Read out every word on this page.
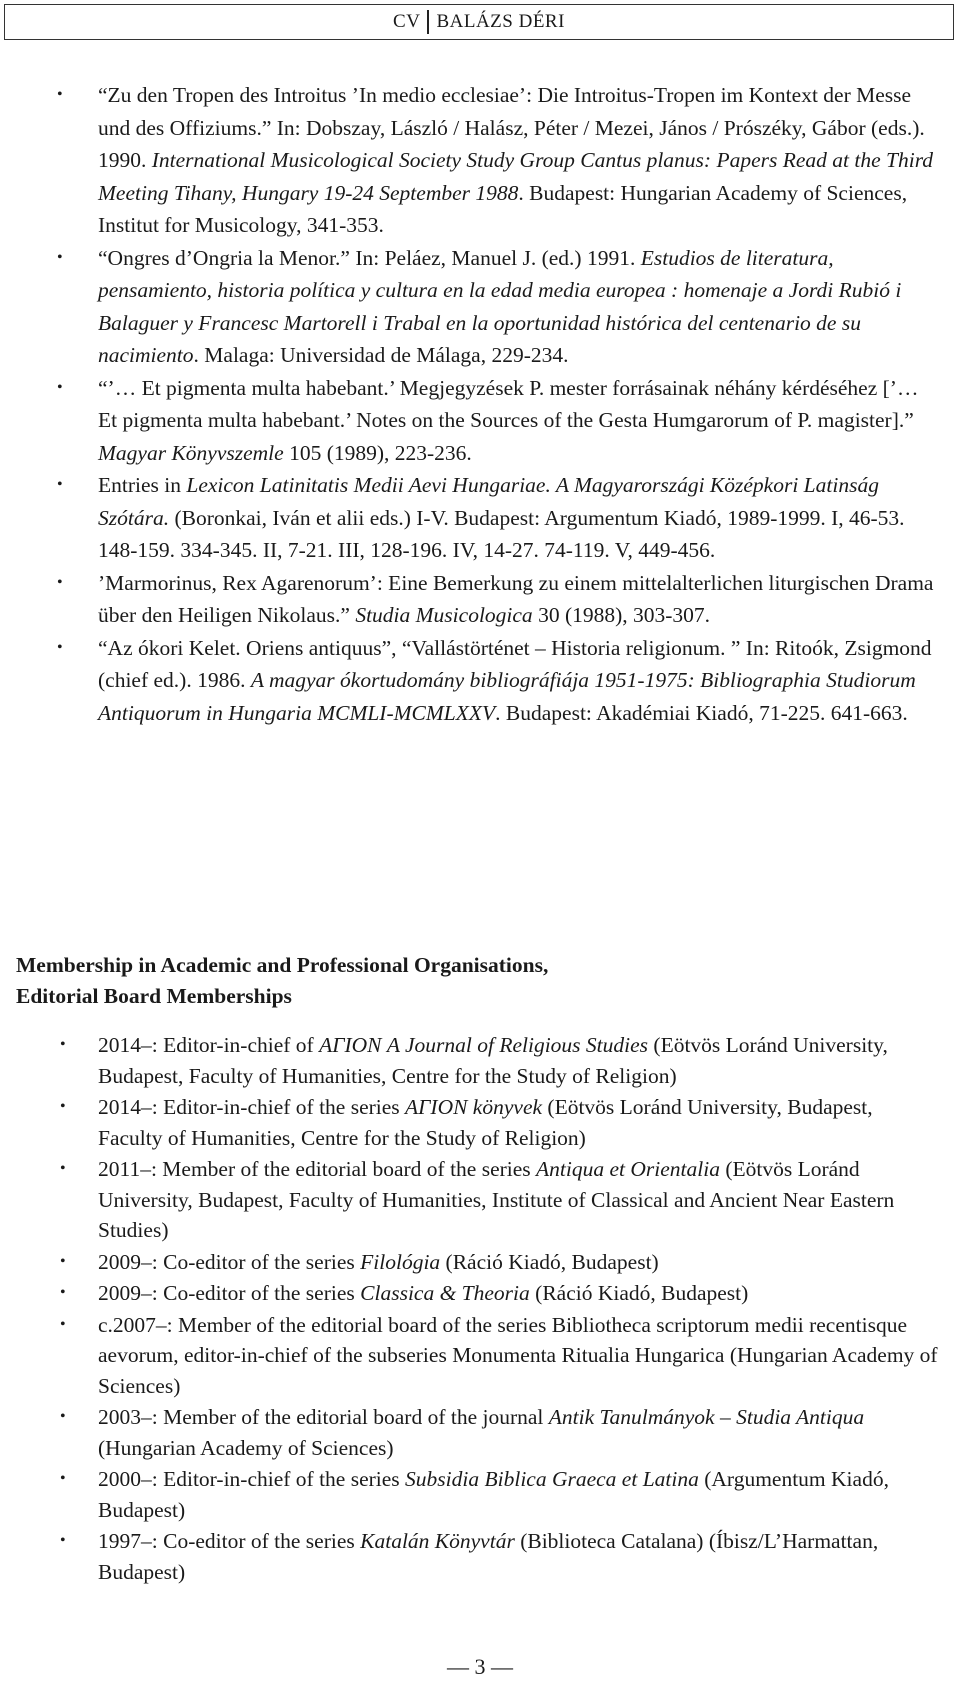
CV BALÁZS DÉRI
• “Zu den Tropen des Introitus ’In medio ecclesiae’: Die Introitus-Tropen im Kontext der Messe und des Offiziums.” In: Dobszay, László / Halász, Péter / Mezei, János / Prószéky, Gábor (eds.). 1990. International Musicological Society Study Group Cantus planus: Papers Read at the Third Meeting Tihany, Hungary 19-24 September 1988. Budapest: Hungarian Academy of Sciences, Institut for Musicology, 341-353.
• “Ongres d’Ongria la Menor.” In: Peláez, Manuel J. (ed.) 1991. Estudios de literatura, pensamiento, historia política y cultura en la edad media europea : homenaje a Jordi Rubió i Balaguer y Francesc Martorell i Trabal en la oportunidad histórica del centenario de su nacimiento. Malaga: Universidad de Málaga, 229-234.
• “’… Et pigmenta multa habebant.’ Megjegyzések P. mester forrásainak néhány kérdéséhez [’… Et pigmenta multa habebant.’ Notes on the Sources of the Gesta Humgarorum of P. magister].” Magyar Könyvszemle 105 (1989), 223-236.
• Entries in Lexicon Latinitatis Medii Aevi Hungariae. A Magyarországi Középkori Latinság Szótára. (Boronkai, Iván et alii eds.) I-V. Budapest: Argumentum Kiadó, 1989-1999. I, 46-53. 148-159. 334-345. II, 7-21. III, 128-196. IV, 14-27. 74-119. V, 449-456.
• ’Marmorinus, Rex Agarenorum’: Eine Bemerkung zu einem mittelalterlichen liturgischen Drama über den Heiligen Nikolaus.” Studia Musicologica 30 (1988), 303-307.
• “Az ókori Kelet. Oriens antiquus”, “Vallástörténet – Historia religionum. ” In: Ritoók, Zsigmond (chief ed.). 1986. A magyar ókortudomány bibliográfiája 1951-1975: Bibliographia Studiorum Antiquorum in Hungaria MCMLI-MCMLXXV. Budapest: Akadémiai Kiadó, 71-225. 641-663.
Membership in Academic and Professional Organisations,
Editorial Board Memberships
• 2014–: Editor-in-chief of ΑΓΙΟΝ A Journal of Religious Studies (Eötvös Loránd University, Budapest, Faculty of Humanities, Centre for the Study of Religion)
• 2014–: Editor-in-chief of the series ΑΓΙΟΝ könyvek (Eötvös Loránd University, Budapest, Faculty of Humanities, Centre for the Study of Religion)
• 2011–: Member of the editorial board of the series Antiqua et Orientalia (Eötvös Loránd University, Budapest, Faculty of Humanities, Institute of Classical and Ancient Near Eastern Studies)
• 2009–: Co-editor of the series Filológia (Ráció Kiadó, Budapest)
• 2009–: Co-editor of the series Classica & Theoria (Ráció Kiadó, Budapest)
• c.2007–: Member of the editorial board of the series Bibliotheca scriptorum medii recentisque aevorum, editor-in-chief of the subseries Monumenta Ritualia Hungarica (Hungarian Academy of Sciences)
• 2003–: Member of the editorial board of the journal Antik Tanulmányok – Studia Antiqua (Hungarian Academy of Sciences)
• 2000–: Editor-in-chief of the series Subsidia Biblica Graeca et Latina (Argumentum Kiadó, Budapest)
• 1997–: Co-editor of the series Katalán Könyvtár (Biblioteca Catalana) (Íbisz/L’Harmattan, Budapest)
— 3 —
